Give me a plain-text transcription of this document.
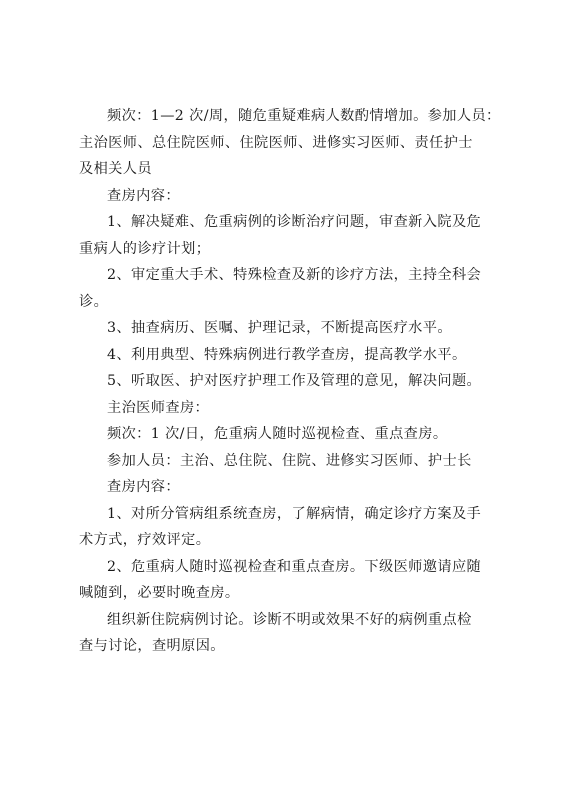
频次：1—2 次/周，随危重疑难病人数酌情增加。参加人员：
主治医师、总住院医师、住院医师、进修实习医师、责任护士
及相关人员
查房内容：
1、解决疑难、危重病例的诊断治疗问题，审查新入院及危
重病人的诊疗计划；
2、审定重大手术、特殊检查及新的诊疗方法，主持全科会
诊。
3、抽查病历、医嘱、护理记录，不断提高医疗水平。
4、利用典型、特殊病例进行教学查房，提高教学水平。
5、听取医、护对医疗护理工作及管理的意见，解决问题。
主治医师查房：
频次：1 次/日，危重病人随时巡视检查、重点查房。
参加人员：主治、总住院、住院、进修实习医师、护士长
查房内容：
1、对所分管病组系统查房，了解病情，确定诊疗方案及手
术方式，疗效评定。
2、危重病人随时巡视检查和重点查房。下级医师邀请应随
喊随到，必要时晚查房。
组织新住院病例讨论。诊断不明或效果不好的病例重点检
查与讨论，查明原因。
